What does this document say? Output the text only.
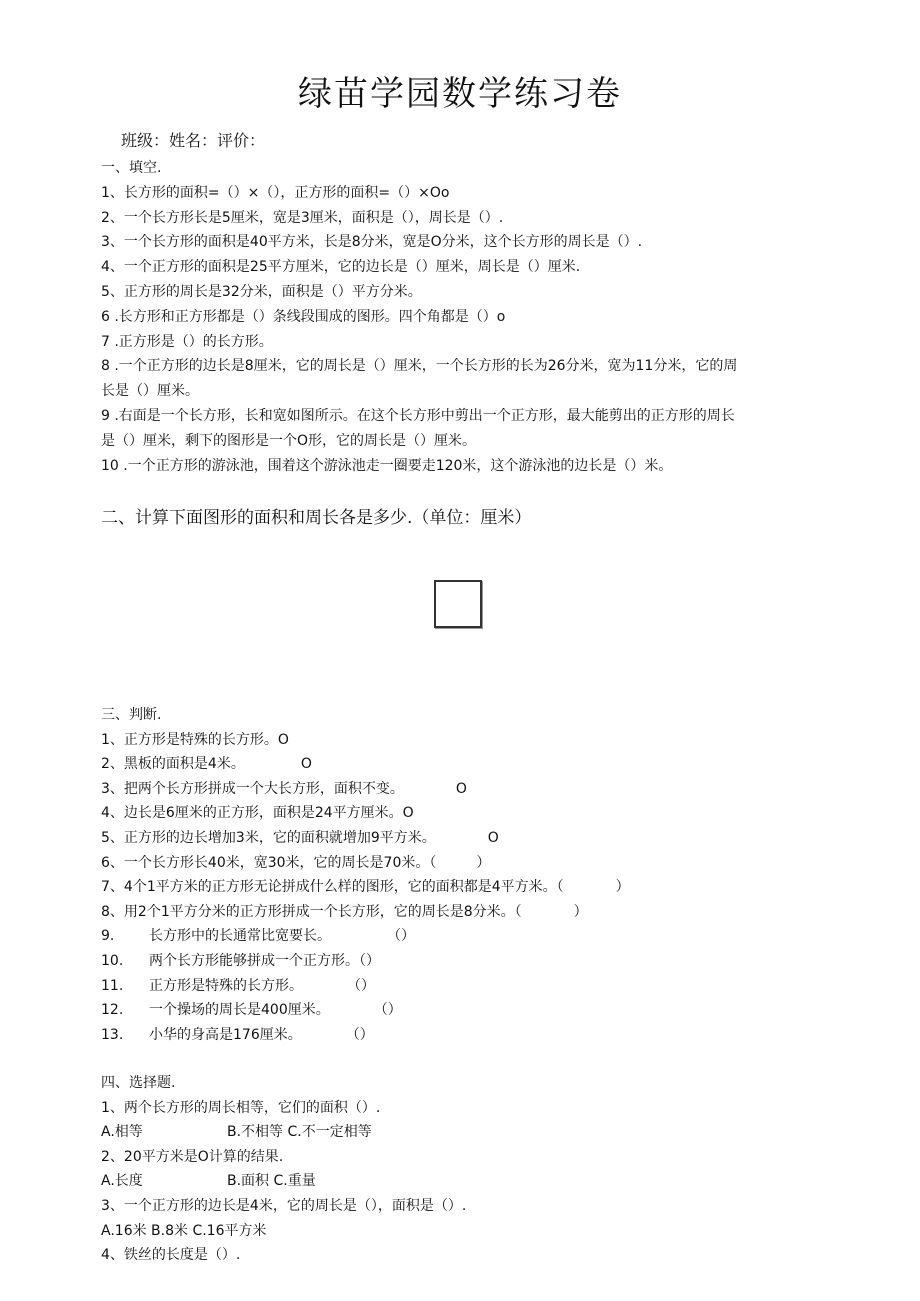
绿苗学园数学练习卷
班级：姓名：评价：
一、填空.
1、长方形的面积=（）×（），正方形的面积=（）×Oo
2、一个长方形长是5厘米，宽是3厘米，面积是（），周长是（）.
3、一个长方形的面积是40平方米，长是8分米，宽是O分米，这个长方形的周长是（）.
4、一个正方形的面积是25平方厘米，它的边长是（）厘米，周长是（）厘米.
5、正方形的周长是32分米，面积是（）平方分米。
6 .长方形和正方形都是（）条线段围成的图形。四个角都是（）o
7 .正方形是（）的长方形。
8 .一个正方形的边长是8厘米，它的周长是（）厘米，一个长方形的长为26分米，宽为11分米，它的周
长是（）厘米。
9 .右面是一个长方形，长和宽如图所示。在这个长方形中剪出一个正方形，最大能剪出的正方形的周长
是（）厘米，剩下的图形是一个O形，它的周长是（）厘米。
10 .一个正方形的游泳池，围着这个游泳池走一圈要走120米，这个游泳池的边长是（）米。
二、计算下面图形的面积和周长各是多少.（单位：厘米）
三、判断.
1、正方形是特殊的长方形。O
2、黑板的面积是4米。	O
3、把两个长方形拼成一个大长方形，面积不变。	O
4、边长是6厘米的正方形，面积是24平方厘米。O
5、正方形的边长增加3米，它的面积就增加9平方米。	O
6、一个长方形长40米，宽30米，它的周长是70米。（	）
7、4个1平方米的正方形无论拼成什么样的图形，它的面积都是4平方米。（	）
8、用2个1平方分米的正方形拼成一个长方形，它的周长是8分米。（	）
9. 长方形中的长通常比宽要长。	（）
10. 两个长方形能够拼成一个正方形。（）
11. 正方形是特殊的长方形。	（）
12. 一个操场的周长是400厘米。	（）
13. 小华的身高是176厘米。	（）
四、选择题.
1、两个长方形的周长相等，它们的面积（）.
A.相等	B.不相等 C.不一定相等
2、20平方米是O计算的结果.
A.长度	B.面积 C.重量
3、一个正方形的边长是4米，它的周长是（），面积是（）.
A.16米 B.8米 C.16平方米
4、铁丝的长度是（）.
